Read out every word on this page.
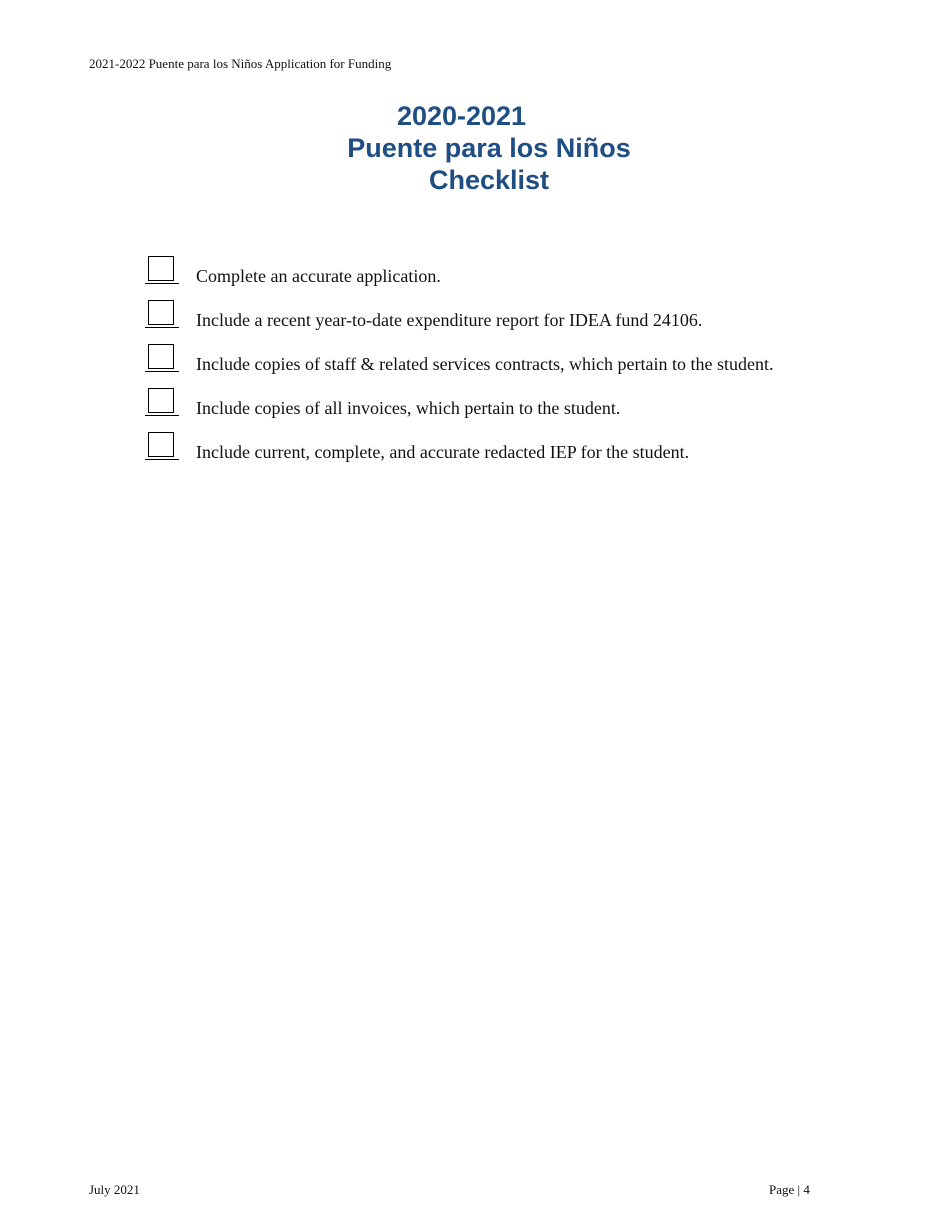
2021-2022 Puente para los Niños Application for Funding
2020-2021
Puente para los Niños
Checklist
Complete an accurate application.
Include a recent year-to-date expenditure report for IDEA fund 24106.
Include copies of staff & related services contracts, which pertain to the student.
Include copies of all invoices, which pertain to the student.
Include current, complete, and accurate redacted IEP for the student.
July 2021	Page | 4
